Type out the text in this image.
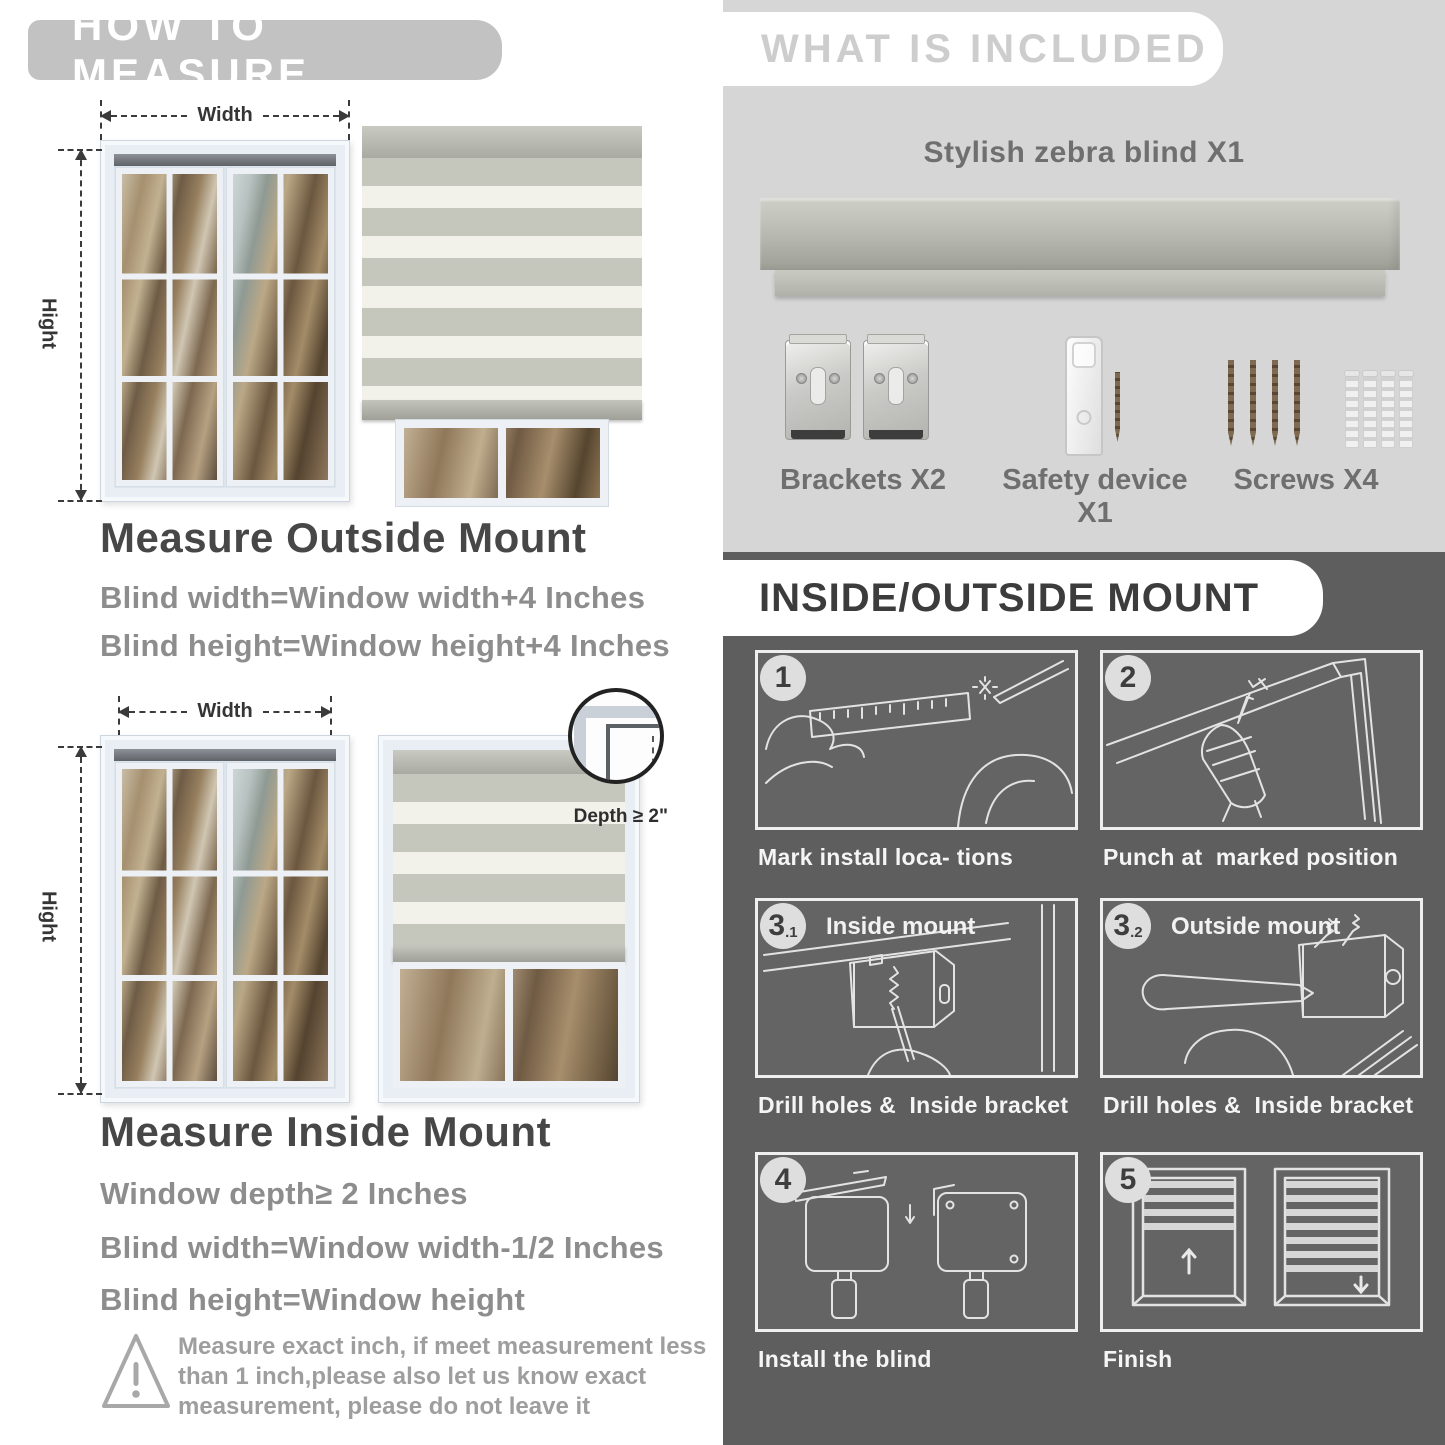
HOW TO MEASURE
Width
Hight
Measure Outside Mount
Blind width=Window width+4 Inches
Blind height=Window height+4 Inches
Width
Hight
Depth ≥ 2"
Measure Inside Mount
Window depth≥ 2 Inches
Blind width=Window width-1/2 Inches
Blind height=Window height
Measure exact inch, if meet measurement less
than 1 inch,please also let us know exact
measurement, please do not leave it
WHAT IS INCLUDED
Stylish zebra blind X1
Brackets X2	Safety device X1
Screws X4
INSIDE/OUTSIDE MOUNT
1
Mark install loca- tions
2
Punch at  marked position
3 .1 Inside mount
Drill holes &  Inside bracket
3 .2 Outside mount
Drill holes &  Inside bracket
4
Install the blind
5
Finish
